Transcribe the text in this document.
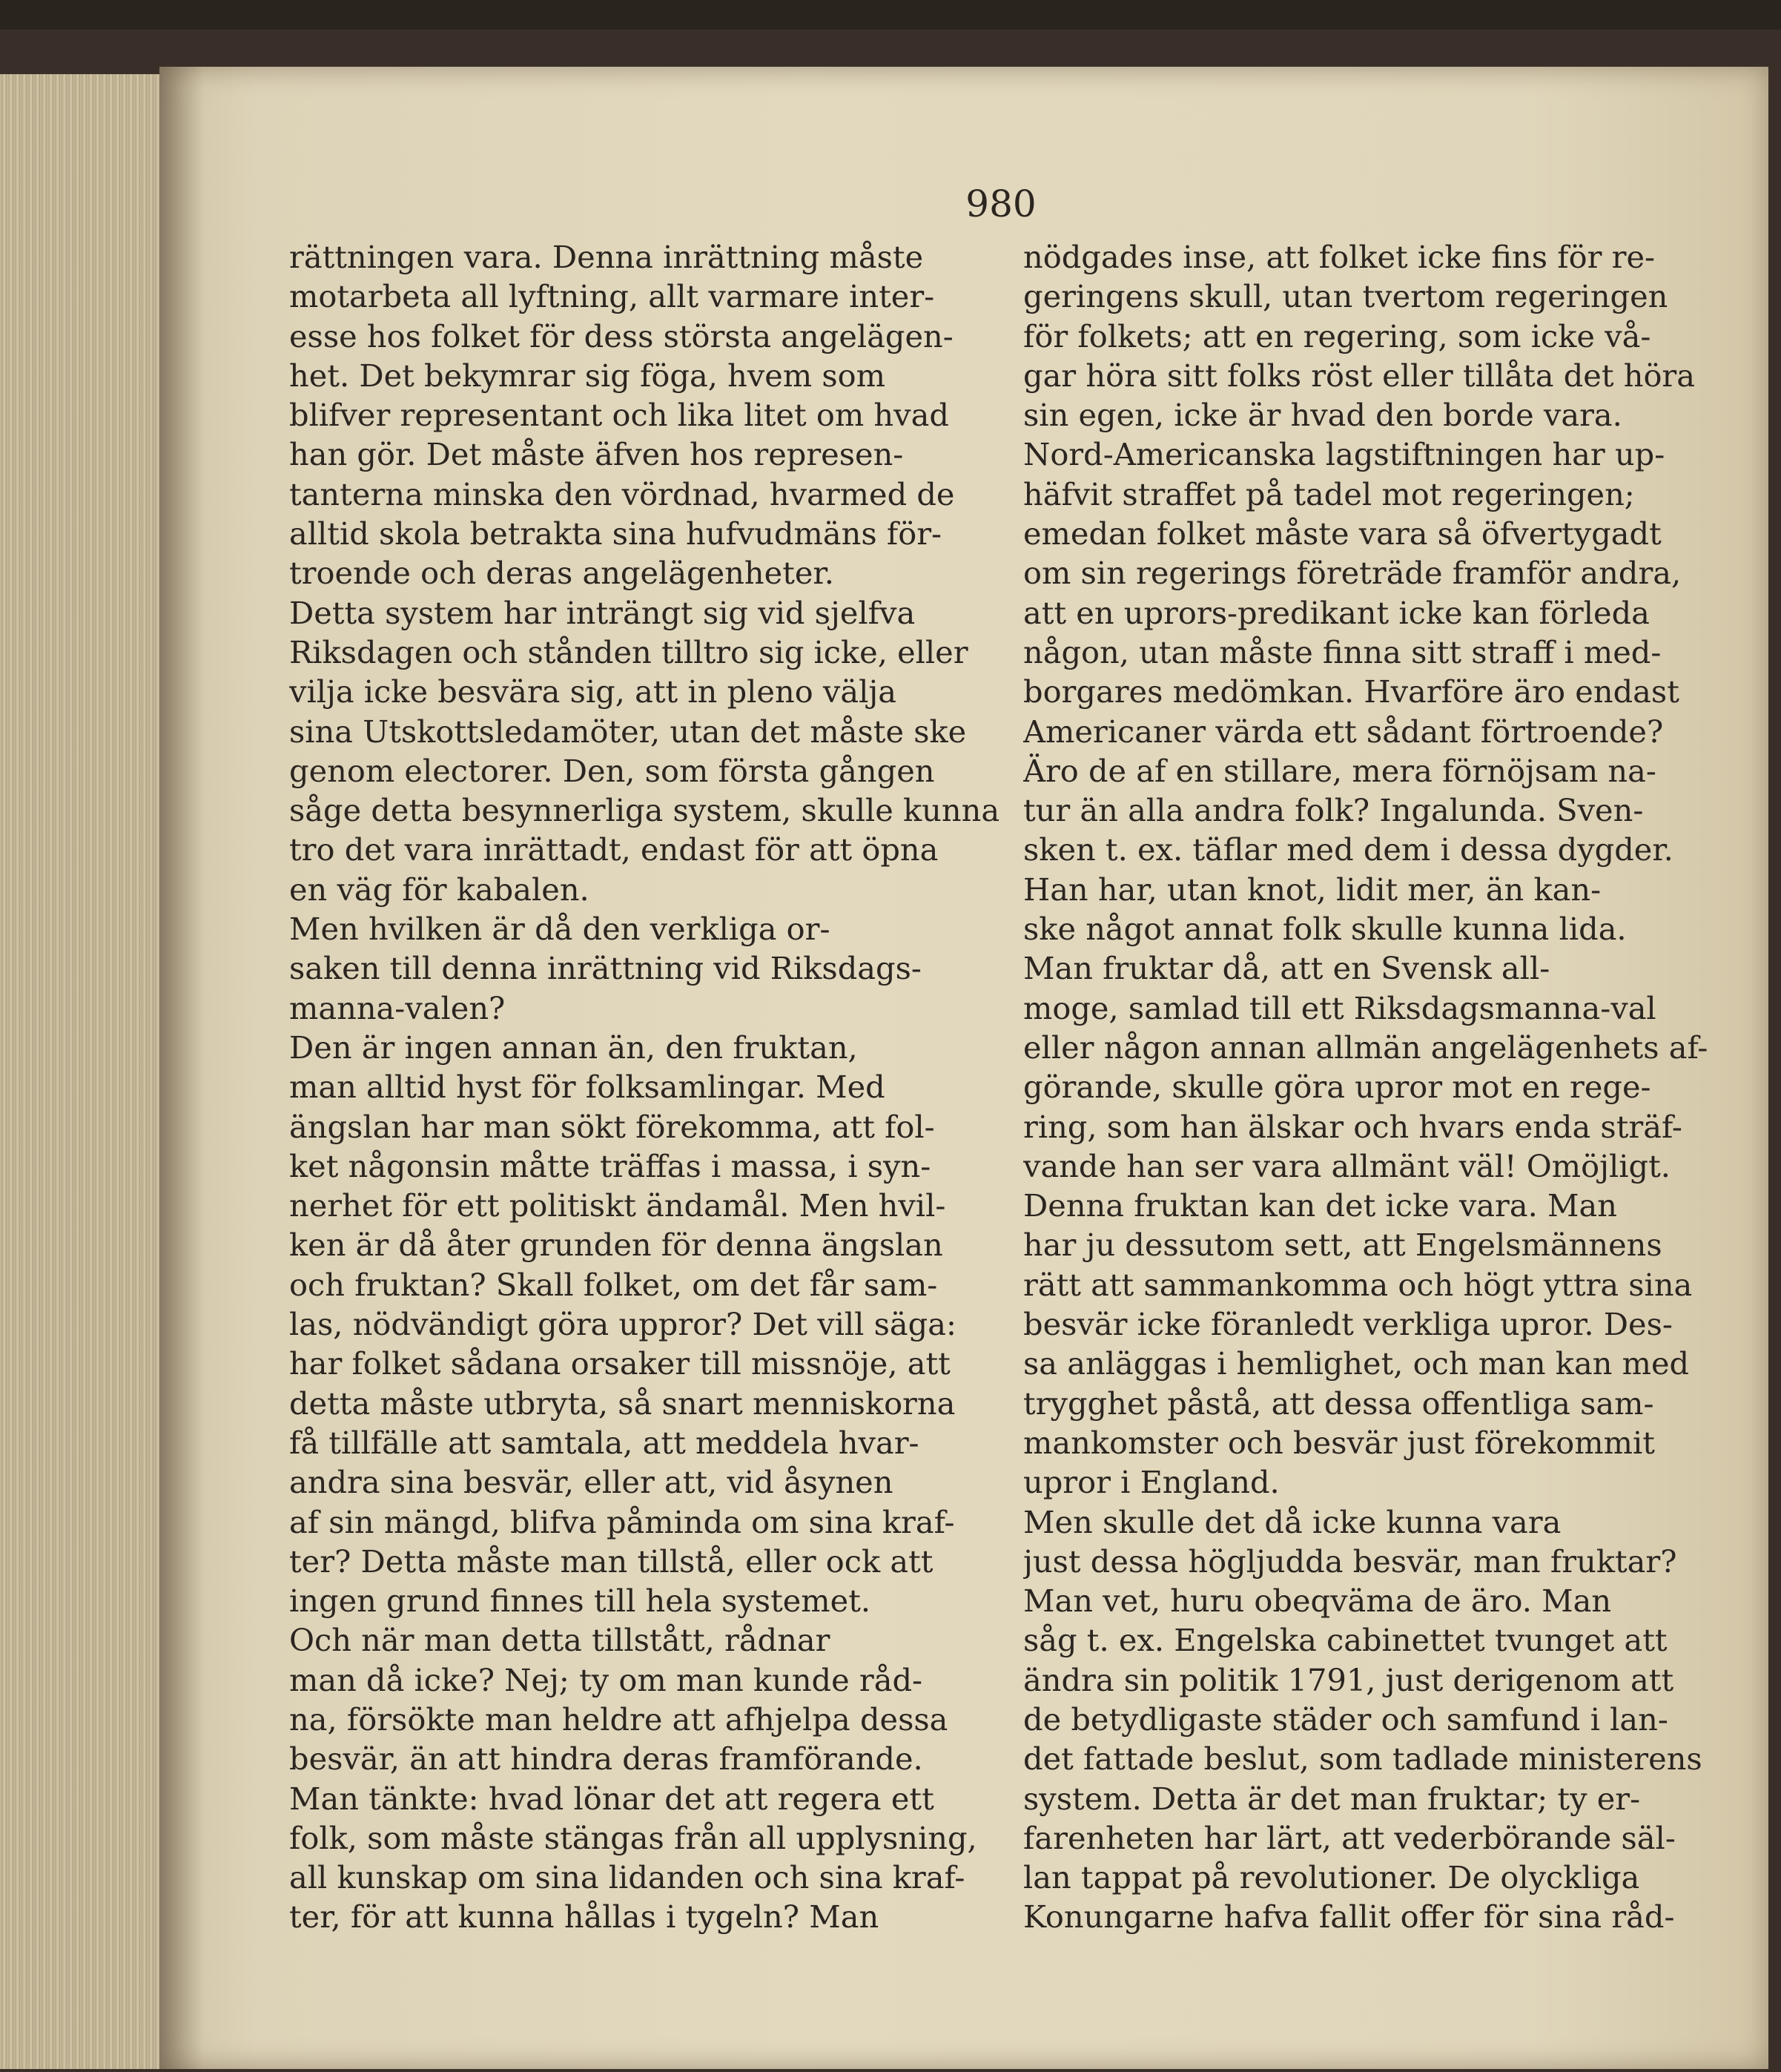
980
rättningen vara. Denna inrättning måste
motarbeta all lyftning, allt varmare inter-
esse hos folket för dess största angelägen-
het. Det bekymrar sig föga, hvem som
blifver representant och lika litet om hvad
han gör. Det måste äfven hos represen-
tanterna minska den vördnad, hvarmed de
alltid skola betrakta sina hufvudmäns för-
troende och deras angelägenheter.
Detta system har inträngt sig vid sjelfva
Riksdagen och stånden tilltro sig icke, eller
vilja icke besvära sig, att in pleno välja
sina Utskottsledamöter, utan det måste ske
genom electorer. Den, som första gången
såge detta besynnerliga system, skulle kunna
tro det vara inrättadt, endast för att öpna
en väg för kabalen.
Men hvilken är då den verkliga or-
saken till denna inrättning vid Riksdags-
manna-valen?
Den är ingen annan än, den fruktan,
man alltid hyst för folksamlingar. Med
ängslan har man sökt förekomma, att fol-
ket någonsin måtte träffas i massa, i syn-
nerhet för ett politiskt ändamål. Men hvil-
ken är då åter grunden för denna ängslan
och fruktan? Skall folket, om det får sam-
las, nödvändigt göra uppror? Det vill säga:
har folket sådana orsaker till missnöje, att
detta måste utbryta, så snart menniskorna
få tillfälle att samtala, att meddela hvar-
andra sina besvär, eller att, vid åsynen
af sin mängd, blifva påminda om sina kraf-
ter? Detta måste man tillstå, eller ock att
ingen grund finnes till hela systemet.
Och när man detta tillstått, rådnar
man då icke? Nej; ty om man kunde råd-
na, försökte man heldre att afhjelpa dessa
besvär, än att hindra deras framförande.
Man tänkte: hvad lönar det att regera ett
folk, som måste stängas från all upplysning,
all kunskap om sina lidanden och sina kraf-
ter, för att kunna hållas i tygeln? Man
nödgades inse, att folket icke fins för re-
geringens skull, utan tvertom regeringen
för folkets; att en regering, som icke vå-
gar höra sitt folks röst eller tillåta det höra
sin egen, icke är hvad den borde vara.
Nord-Americanska lagstiftningen har up-
häfvit straffet på tadel mot regeringen;
emedan folket måste vara så öfvertygadt
om sin regerings företräde framför andra,
att en uprors-predikant icke kan förleda
någon, utan måste finna sitt straff i med-
borgares medömkan. Hvarföre äro endast
Americaner värda ett sådant förtroende?
Äro de af en stillare, mera förnöjsam na-
tur än alla andra folk? Ingalunda. Sven-
sken t. ex. täflar med dem i dessa dygder.
Han har, utan knot, lidit mer, än kan-
ske något annat folk skulle kunna lida.
Man fruktar då, att en Svensk all-
moge, samlad till ett Riksdagsmanna-val
eller någon annan allmän angelägenhets af-
görande, skulle göra upror mot en rege-
ring, som han älskar och hvars enda sträf-
vande han ser vara allmänt väl! Omöjligt.
Denna fruktan kan det icke vara. Man
har ju dessutom sett, att Engelsmännens
rätt att sammankomma och högt yttra sina
besvär icke föranledt verkliga upror. Des-
sa anläggas i hemlighet, och man kan med
trygghet påstå, att dessa offentliga sam-
mankomster och besvär just förekommit
upror i England.
Men skulle det då icke kunna vara
just dessa högljudda besvär, man fruktar?
Man vet, huru obeqväma de äro. Man
såg t. ex. Engelska cabinettet tvunget att
ändra sin politik 1791, just derigenom att
de betydligaste städer och samfund i lan-
det fattade beslut, som tadlade ministerens
system. Detta är det man fruktar; ty er-
farenheten har lärt, att vederbörande säl-
lan tappat på revolutioner. De olyckliga
Konungarne hafva fallit offer för sina råd-
